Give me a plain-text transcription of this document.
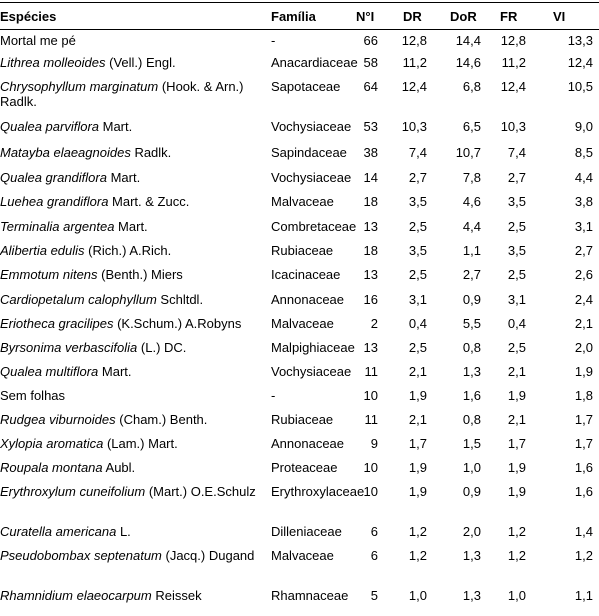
Espécies	Família	N°I DR DoR FR	VI
Mortal me pé	-	66	12,8	14,4	12,8	13,3
Lithrea molleoides (Vell.) Engl.	Anacardiaceae 58	11,2	14,6	11,2	12,4
Chrysophyllum marginatum (Hook. & Arn.) Radlk.
Sapotaceae	64	12,4	6,8	12,4	10,5
Qualea parviflora Mart.	Vochysiaceae 53	10,3	6,5	10,3	9,0
Matayba elaeagnoides Radlk.	Sapindaceae	38	7,4	10,7	7,4	8,5
Qualea grandiflora Mart.	Vochysiaceae 14	2,7	7,8	2,7	4,4
Luehea grandiflora Mart. & Zucc.	Malvaceae	18	3,5	4,6	3,5	3,8
Terminalia argentea Mart.	Combretaceae 13	2,5	4,4	2,5	3,1
Alibertia edulis (Rich.) A.Rich.	Rubiaceae	18	3,5	1,1	3,5	2,7
Emmotum nitens (Benth.) Miers	Icacinaceae	13	2,5	2,7	2,5	2,6
Cardiopetalum calophyllum Schltdl.	Annonaceae	16	3,1	0,9	3,1	2,4
Eriotheca gracilipes (K.Schum.) A.Robyns	Malvaceae	2	0,4	5,5	0,4	2,1
Byrsonima verbascifolia (L.) DC.	Malpighiaceae 13	2,5	0,8	2,5	2,0
Qualea multiflora Mart.	Vochysiaceae	11	2,1	1,3	2,1	1,9
Sem folhas	-	10	1,9	1,6	1,9	1,8
Rudgea viburnoides (Cham.) Benth.	Rubiaceae	11	2,1	0,8	2,1	1,7
Xylopia aromatica (Lam.) Mart.	Annonaceae	9	1,7	1,5	1,7	1,7
Roupala montana Aubl.	Proteaceae	10	1,9	1,0	1,9	1,6
Erythroxylum cuneifolium (Mart.) O.E.Schulz	Erythroxylaceae 10	1,9	0,9	1,9	1,6
Curatella americana L.	Dilleniaceae	6	1,2	2,0	1,2	1,4
Pseudobombax septenatum (Jacq.) Dugand	Malvaceae	6	1,2	1,3	1,2	1,2
Rhamnidium elaeocarpum Reissek	Rhamnaceae	5	1,0	1,3	1,0	1,1
